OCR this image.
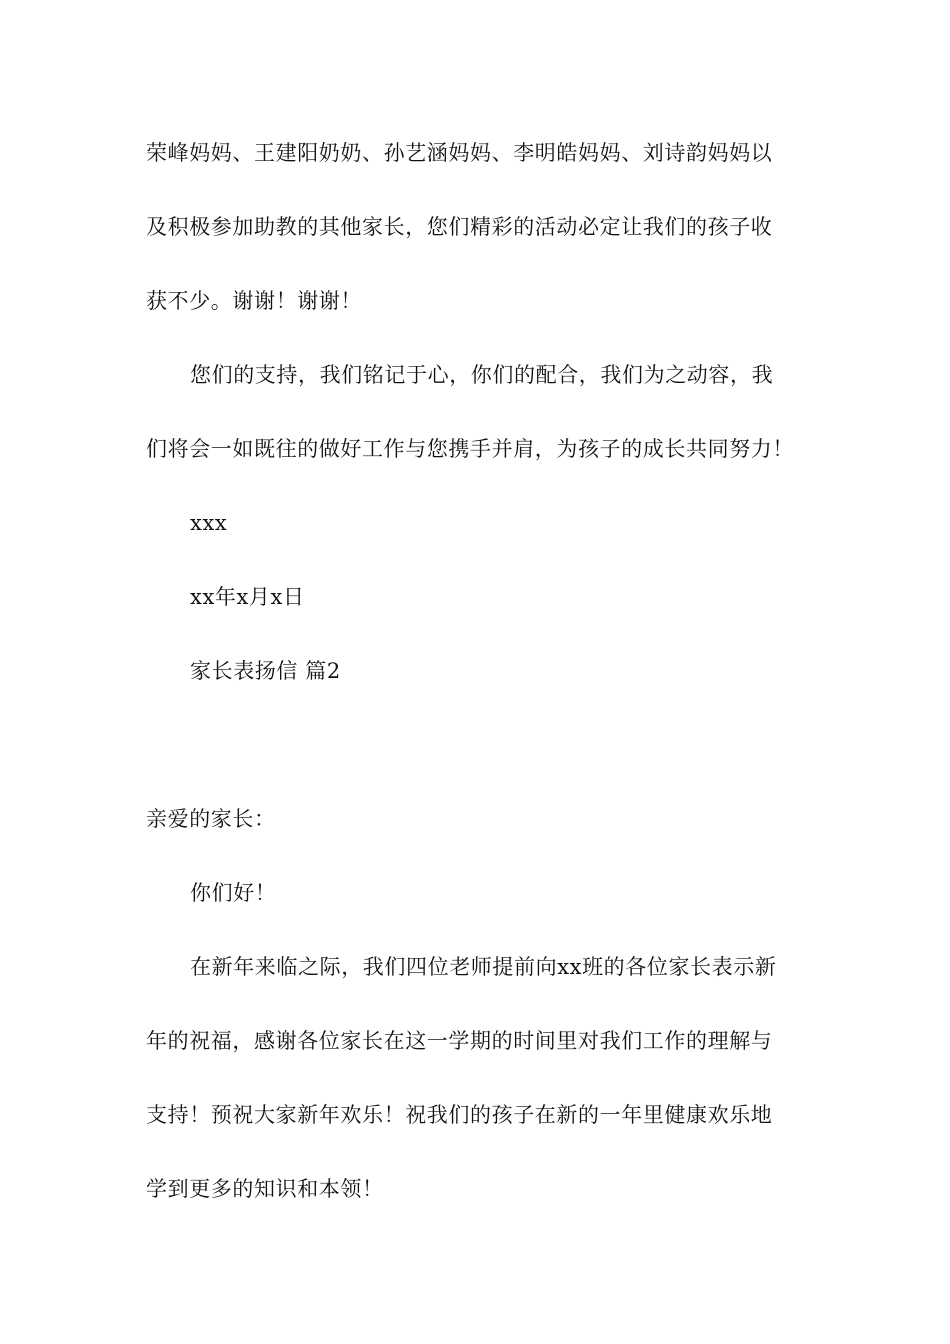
荣峰妈妈、王建阳奶奶、孙艺涵妈妈、李明皓妈妈、刘诗韵妈妈以
及积极参加助教的其他家长，您们精彩的活动必定让我们的孩子收
获不少。谢谢！谢谢！
您们的支持，我们铭记于心，你们的配合，我们为之动容，我
们将会一如既往的做好工作与您携手并肩，为孩子的成长共同努力！
xxx
xx年x月x日
家长表扬信 篇2
亲爱的家长：
你们好！
在新年来临之际，我们四位老师提前向xx班的各位家长表示新
年的祝福，感谢各位家长在这一学期的时间里对我们工作的理解与
支持！预祝大家新年欢乐！祝我们的孩子在新的一年里健康欢乐地
学到更多的知识和本领！
